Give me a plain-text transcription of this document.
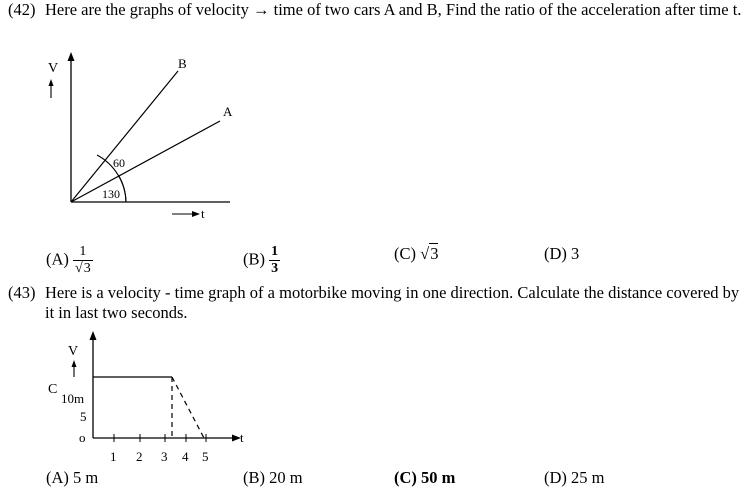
(42) Here are the graphs of velocity → time of two cars A and B, Find the ratio of the acceleration after time t.
V	B
A
60
130
t
$(A) \frac{1}{√3}$	$(B) \frac{1}{3}$	(C) √3	(D) 3
(43) Here is a velocity - time graph of a motorbike moving in one direction. Calculate the distance covered by it in last two seconds.
t
V
C
10m
5
o
1 2 3 4 5
(A) 5 m	(B) 20 m	(C) 50 m	(D) 25 m
